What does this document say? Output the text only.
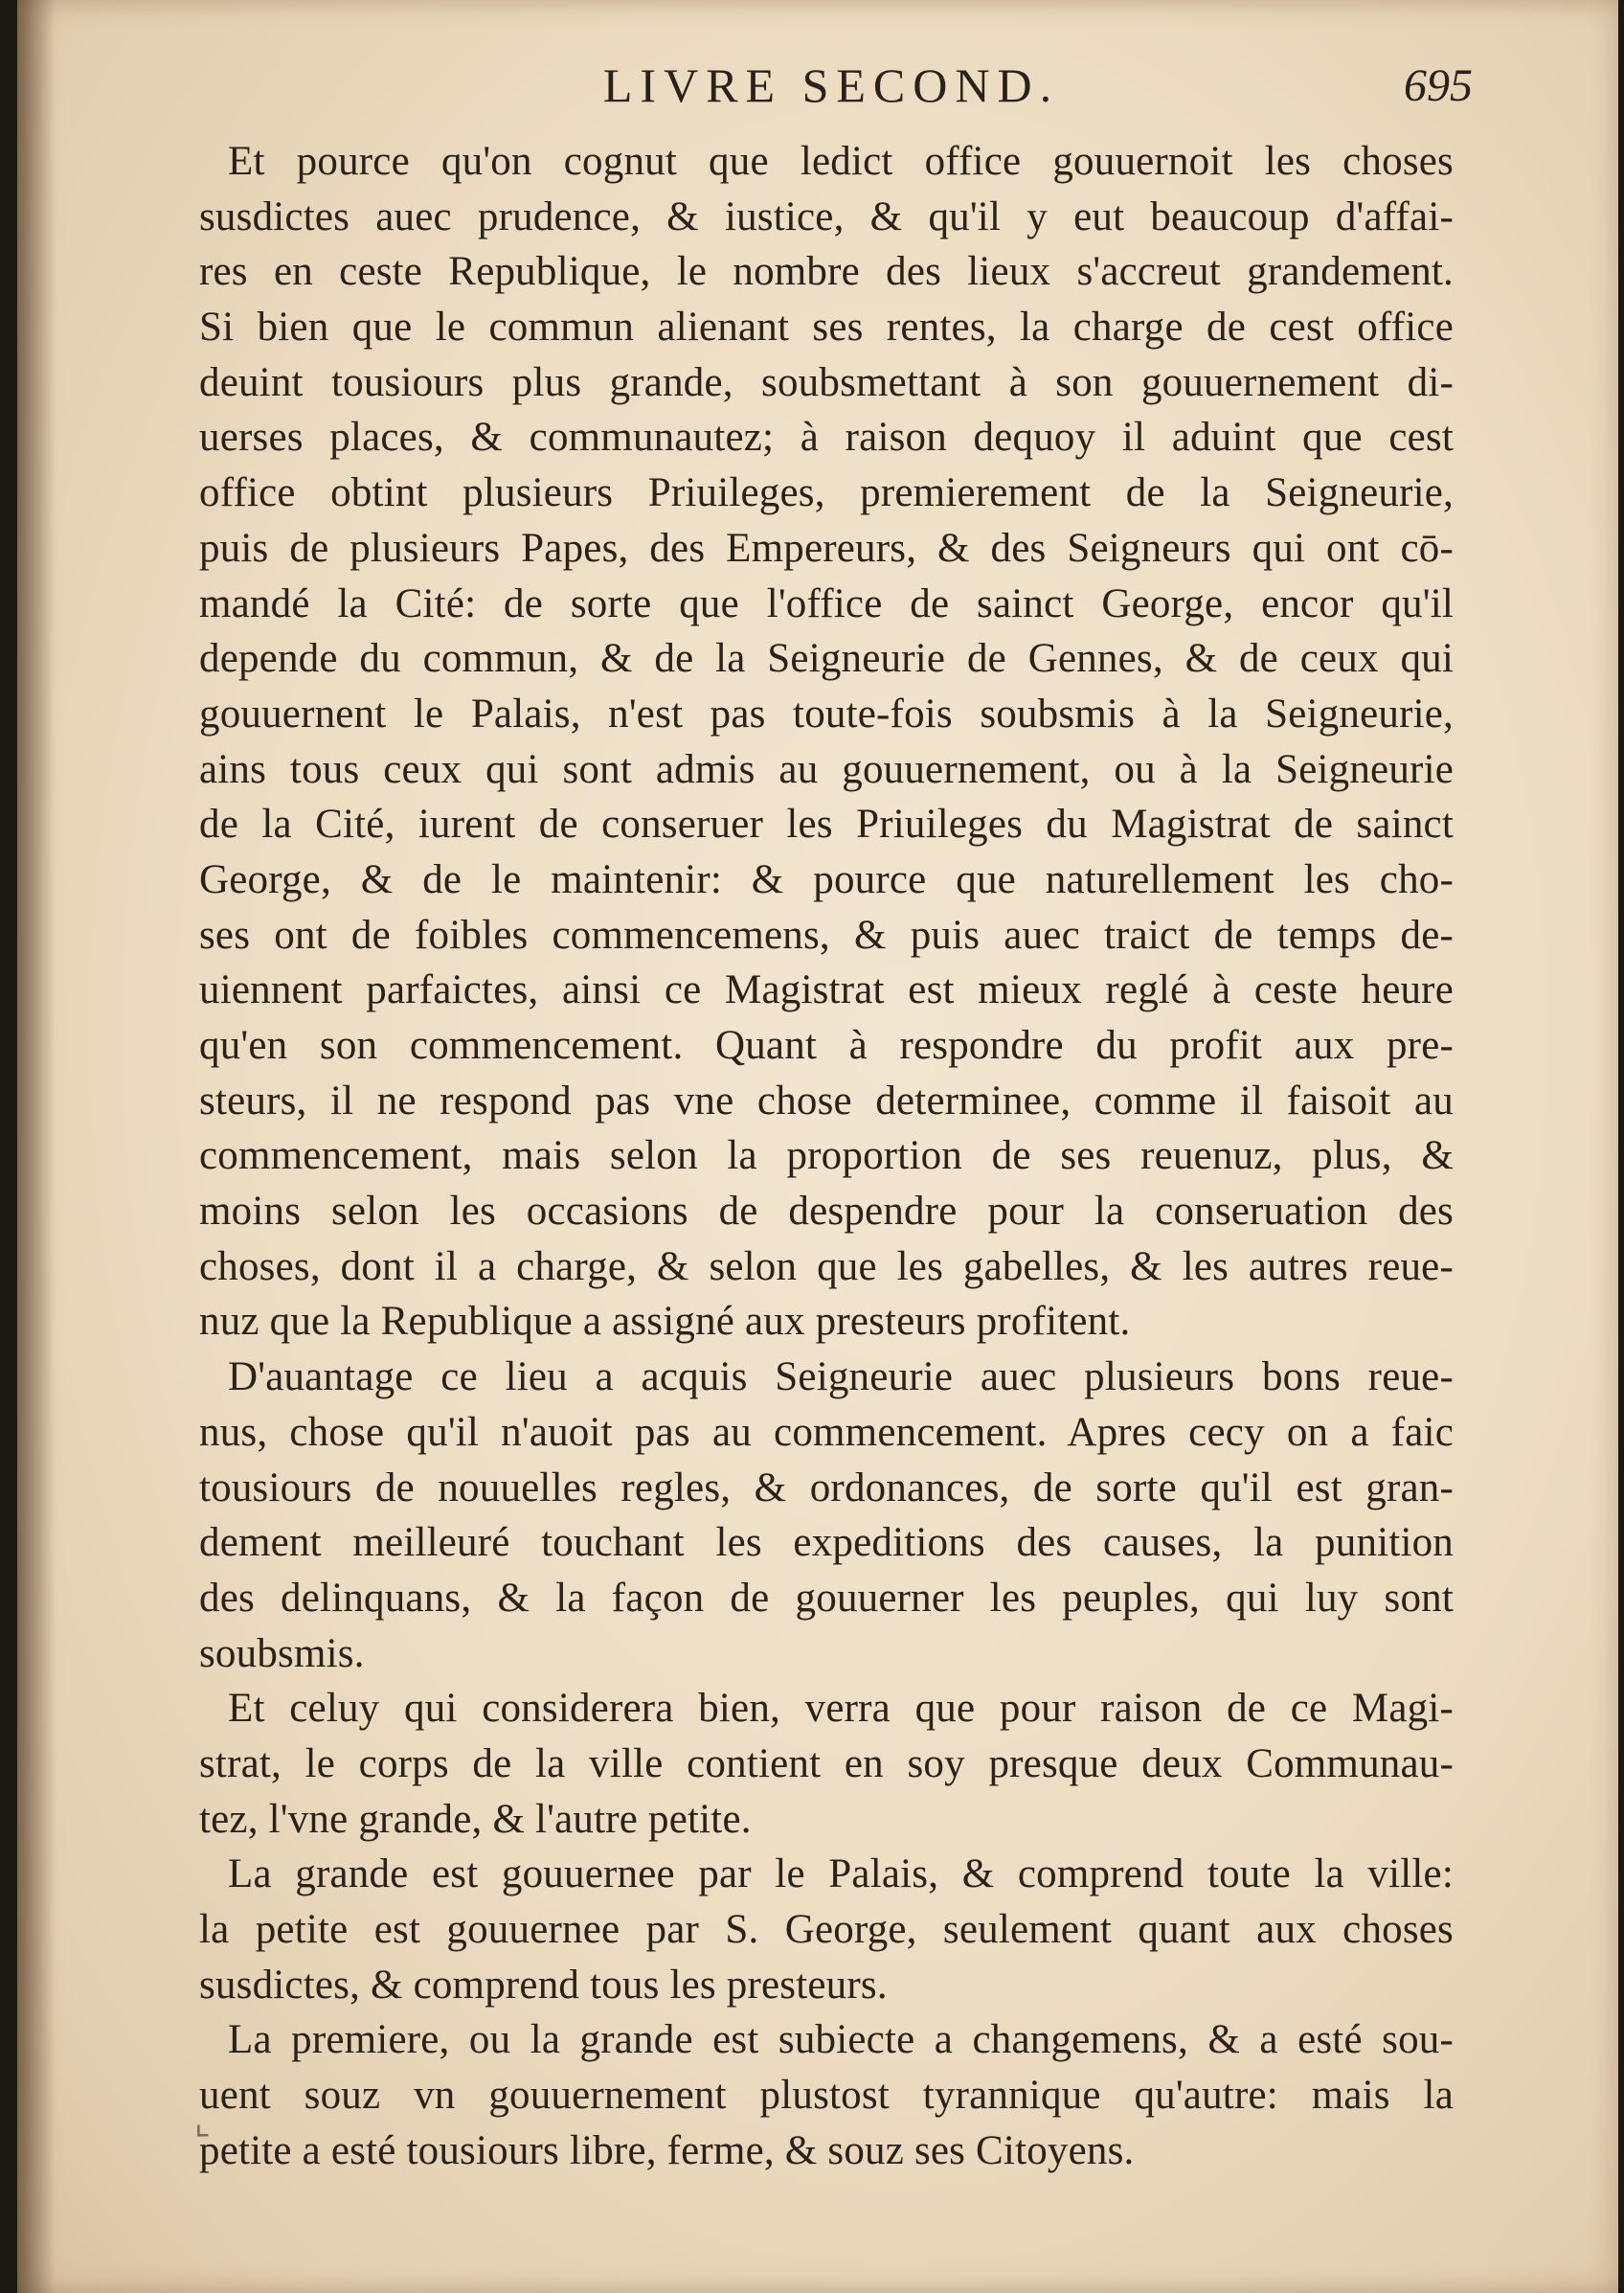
LIVRE SECOND.	695
Et pource qu'on cognut que ledict office gouuernoit les choses
susdictes auec prudence, & iustice, & qu'il y eut beaucoup d'affai-
res en ceste Republique, le nombre des lieux s'accreut grandement.
Si bien que le commun alienant ses rentes, la charge de cest office
deuint tousiours plus grande, soubsmettant à son gouuernement di-
uerses places, & communautez; à raison dequoy il aduint que cest
office obtint plusieurs Priuileges, premierement de la Seigneurie,
puis de plusieurs Papes, des Empereurs, & des Seigneurs qui ont cō-
mandé la Cité: de sorte que l'office de sainct George, encor qu'il
depende du commun, & de la Seigneurie de Gennes, & de ceux qui
gouuernent le Palais, n'est pas toute-fois soubsmis à la Seigneurie,
ains tous ceux qui sont admis au gouuernement, ou à la Seigneurie
de la Cité, iurent de conseruer les Priuileges du Magistrat de sainct
George, & de le maintenir: & pource que naturellement les cho-
ses ont de foibles commencemens, & puis auec traict de temps de-
uiennent parfaictes, ainsi ce Magistrat est mieux reglé à ceste heure
qu'en son commencement. Quant à respondre du profit aux pre-
steurs, il ne respond pas vne chose determinee, comme il faisoit au
commencement, mais selon la proportion de ses reuenuz, plus, &
moins selon les occasions de despendre pour la conseruation des
choses, dont il a charge, & selon que les gabelles, & les autres reue-
nuz que la Republique a assigné aux presteurs profitent.
D'auantage ce lieu a acquis Seigneurie auec plusieurs bons reue-
nus, chose qu'il n'auoit pas au commencement. Apres cecy on a faic
tousiours de nouuelles regles, & ordonances, de sorte qu'il est gran-
dement meilleuré touchant les expeditions des causes, la punition
des delinquans, & la façon de gouuerner les peuples, qui luy sont
soubsmis.
Et celuy qui considerera bien, verra que pour raison de ce Magi-
strat, le corps de la ville contient en soy presque deux Communau-
tez, l'vne grande, & l'autre petite.
La grande est gouuernee par le Palais, & comprend toute la ville:
la petite est gouuernee par S. George, seulement quant aux choses
susdictes, & comprend tous les presteurs.
La premiere, ou la grande est subiecte a changemens, & a esté sou-
uent souz vn gouuernement plustost tyrannique qu'autre: mais la
petite a esté tousiours libre, ferme, & souz ses Citoyens.
⌞
